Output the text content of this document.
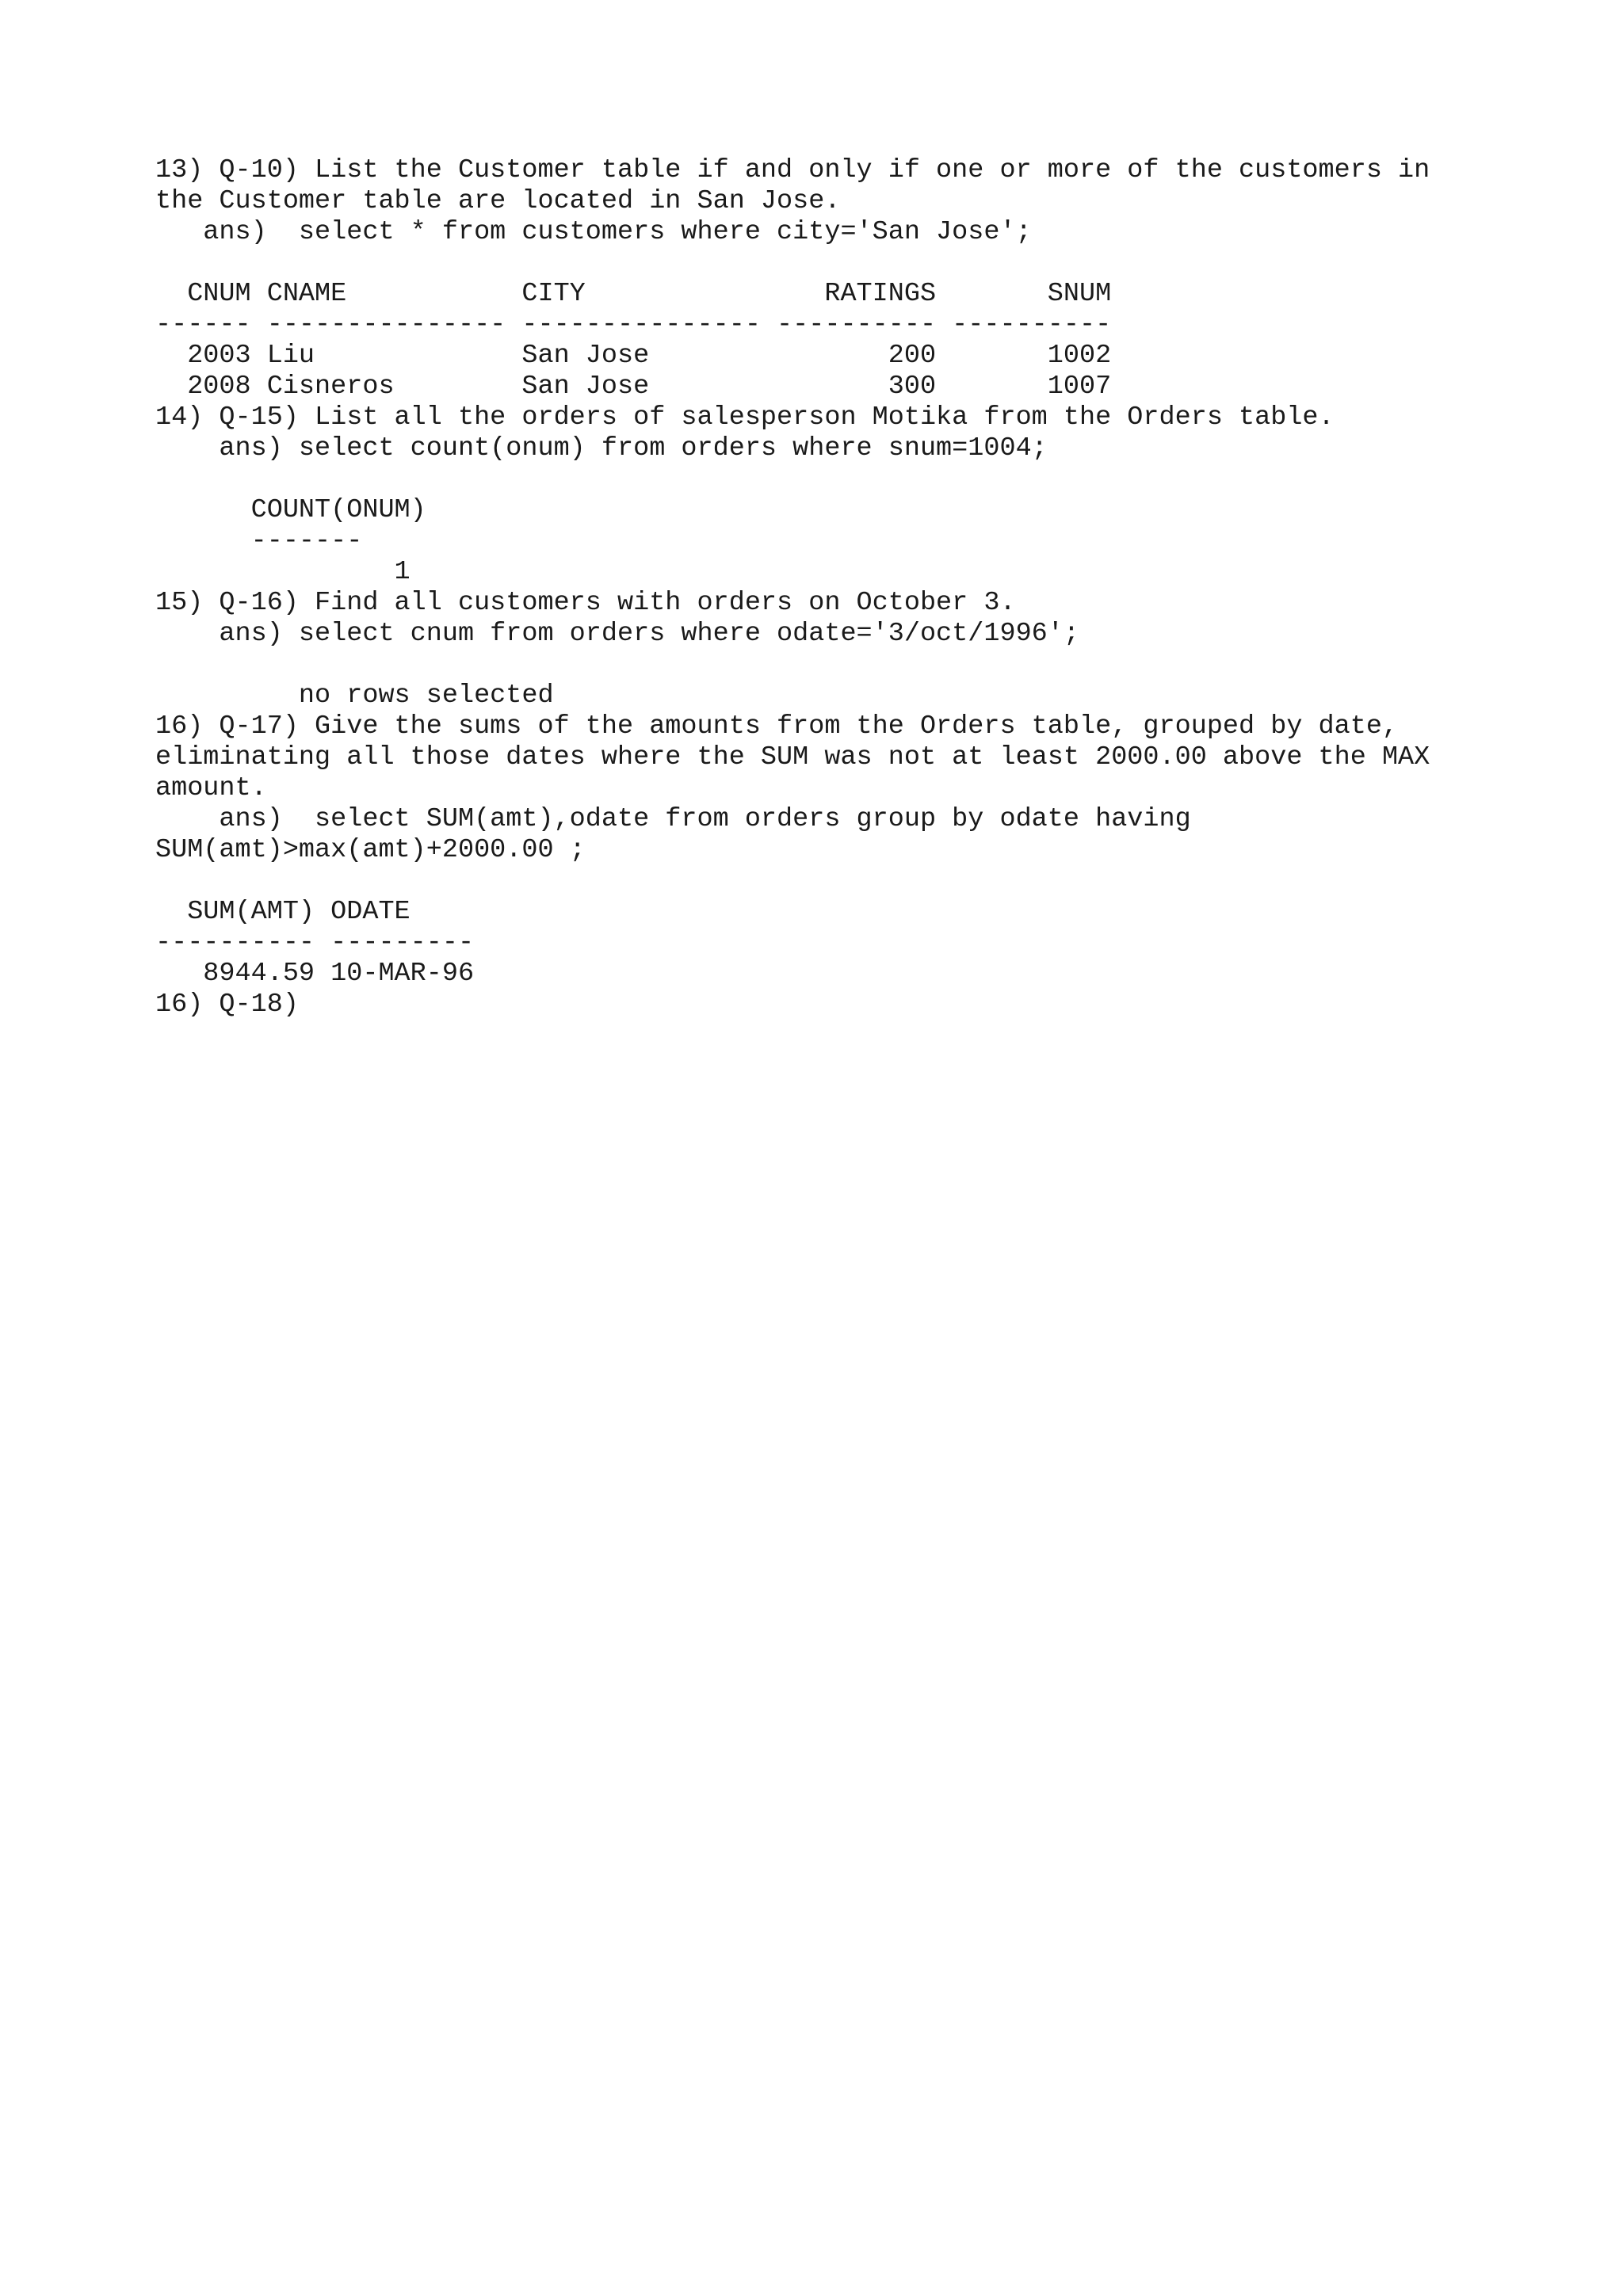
13) Q-10) List the Customer table if and only if one or more of the customers in
the Customer table are located in San Jose.
ans)  select * from customers where city='San Jose';
CNUM CNAME           CITY               RATINGS       SNUM
------ --------------- --------------- ---------- ----------
2003 Liu             San Jose               200       1002
2008 Cisneros        San Jose               300       1007
14) Q-15) List all the orders of salesperson Motika from the Orders table.
ans) select count(onum) from orders where snum=1004;
COUNT(ONUM)
-------
1
15) Q-16) Find all customers with orders on October 3.
ans) select cnum from orders where odate='3/oct/1996';
no rows selected
16) Q-17) Give the sums of the amounts from the Orders table, grouped by date,
eliminating all those dates where the SUM was not at least 2000.00 above the MAX
amount.
ans)  select SUM(amt),odate from orders group by odate having
SUM(amt)>max(amt)+2000.00 ;
SUM(AMT) ODATE
---------- ---------
8944.59 10-MAR-96
16) Q-18)
